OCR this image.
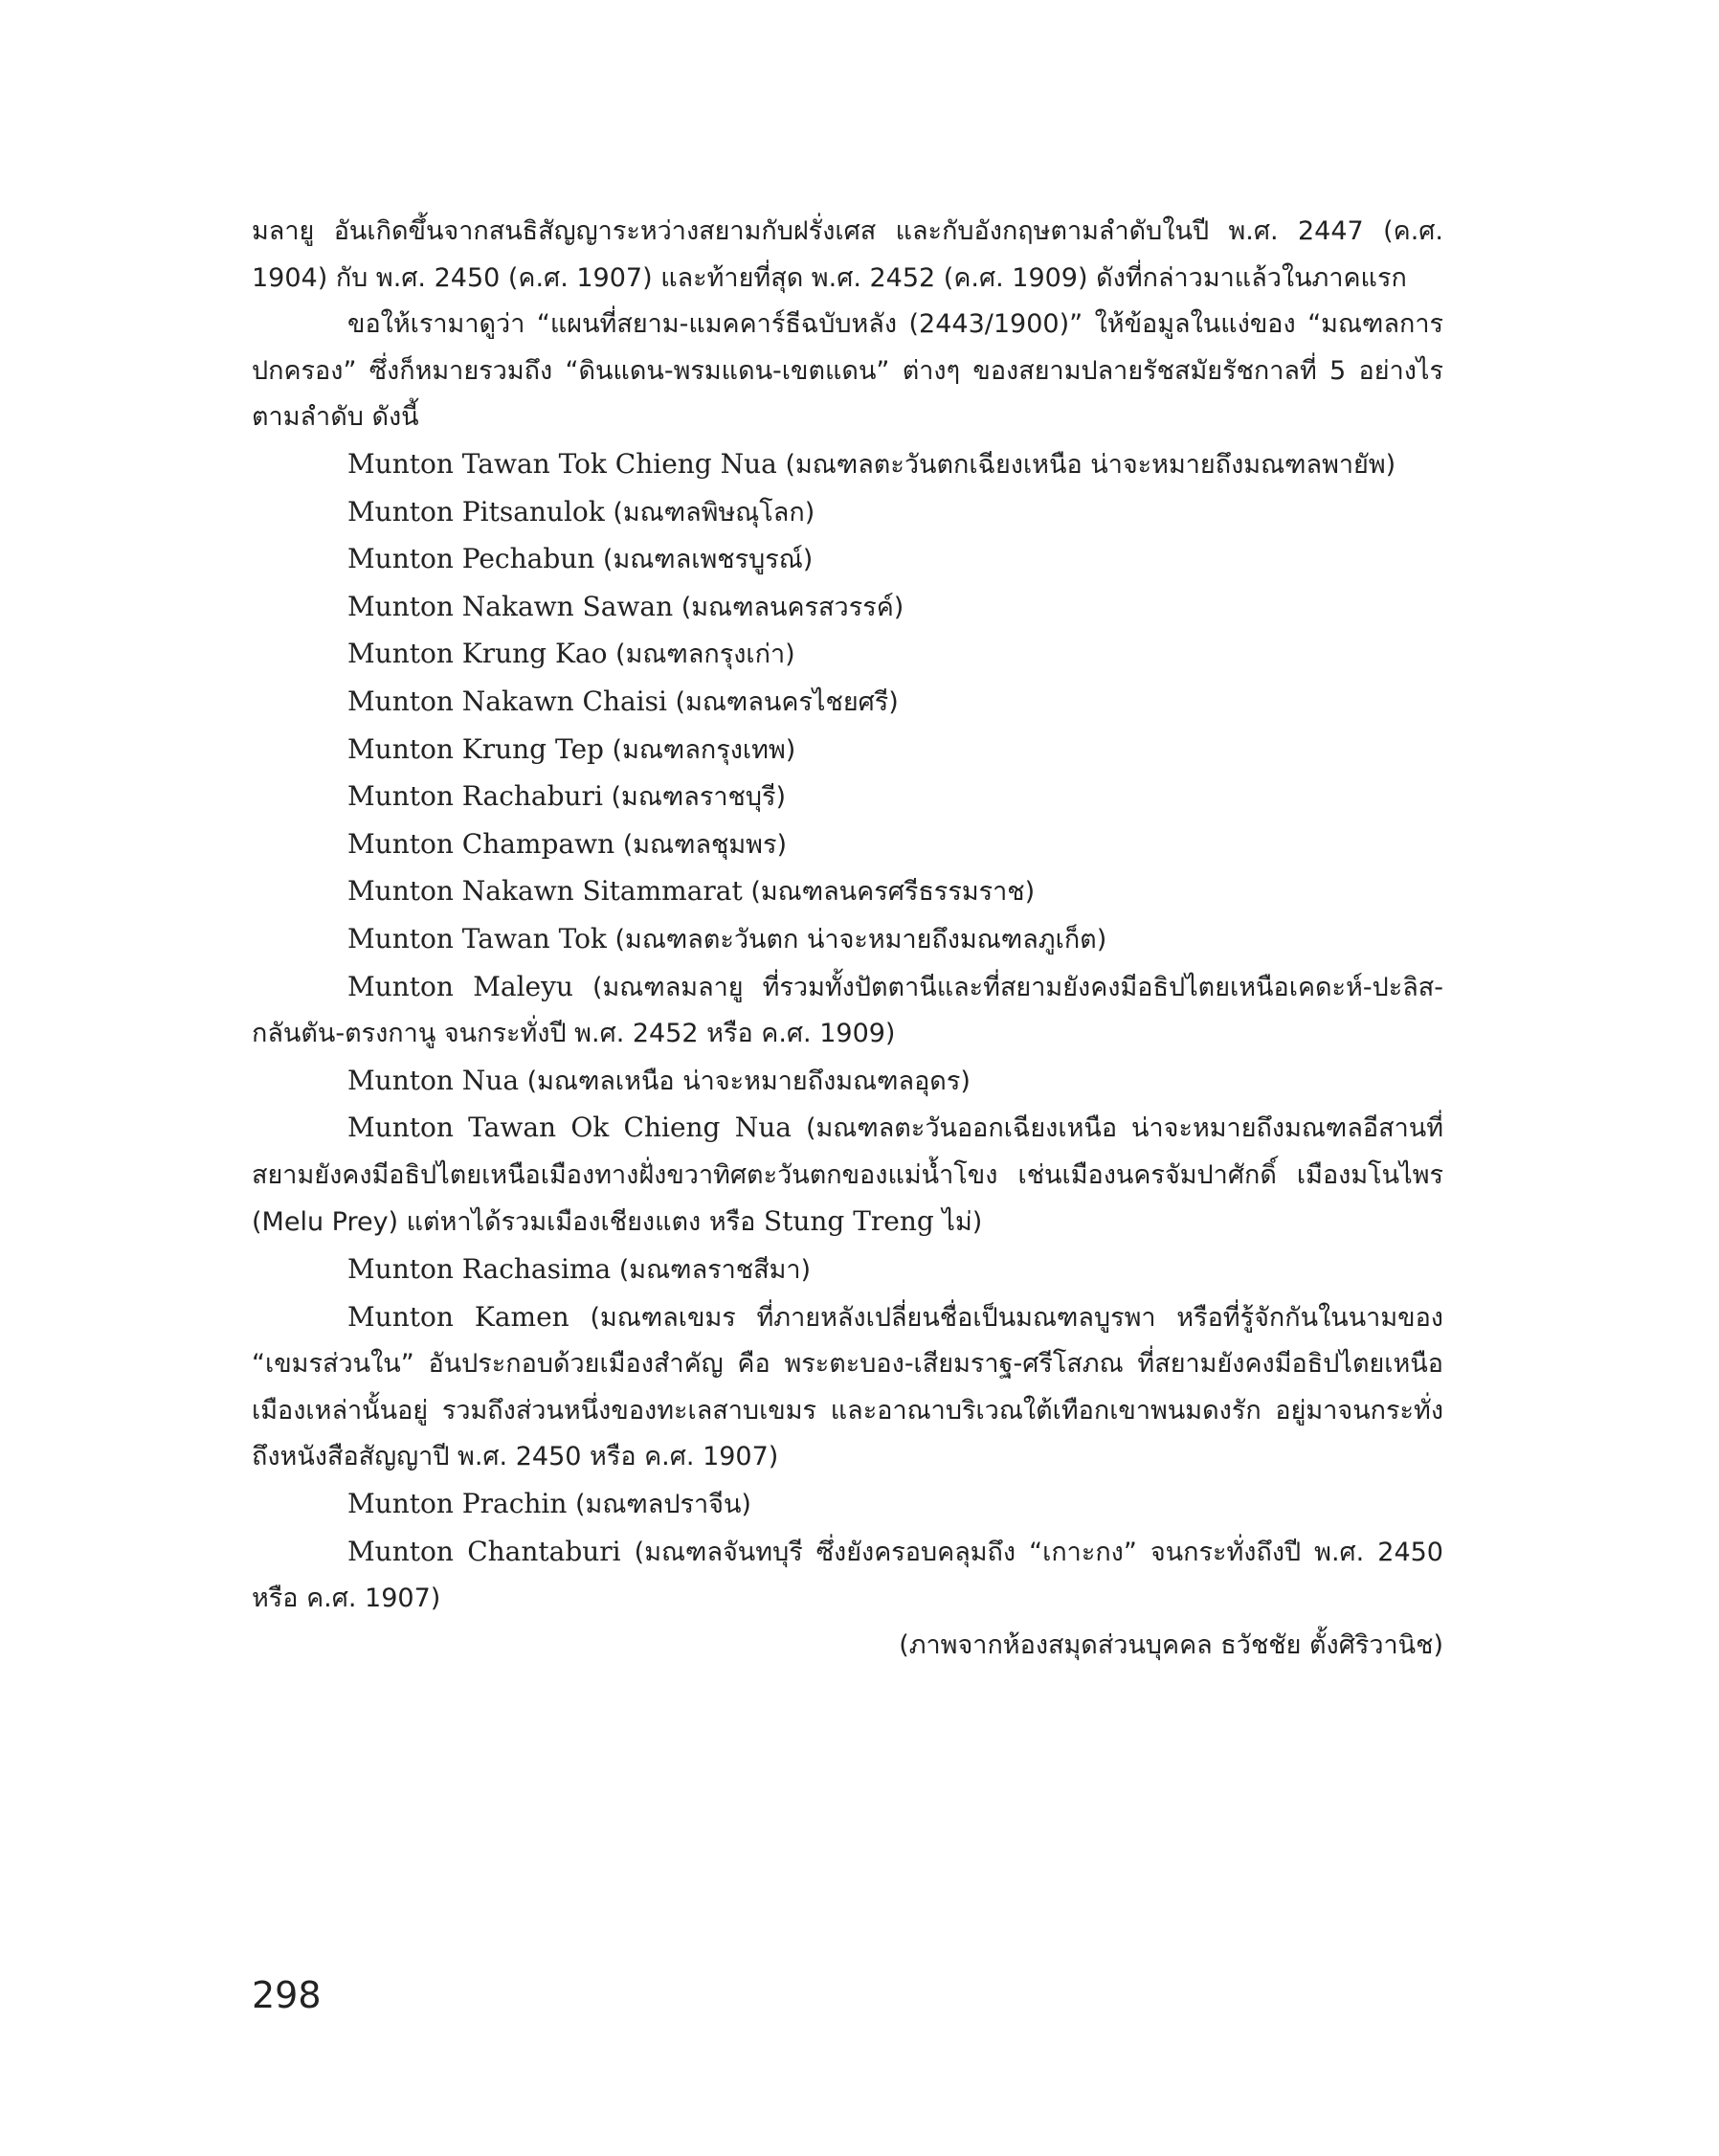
มลายู อันเกิดขึ้นจากสนธิสัญญาระหว่างสยามกับฝรั่งเศส และกับอังกฤษตามลำดับในปี พ.ศ. 2447 (ค.ศ. 1904) กับ พ.ศ. 2450 (ค.ศ. 1907) และท้ายที่สุด พ.ศ. 2452 (ค.ศ. 1909) ดังที่กล่าวมาแล้วในภาคแรก

ขอให้เรามาดูว่า “แผนที่สยาม-แมคคาร์ธีฉบับหลัง (2443/1900)” ให้ข้อมูลในแง่ของ “มณฑลการปกครอง” ซึ่งก็หมายรวมถึง “ดินแดน-พรมแดน-เขตแดน” ต่างๆ ของสยามปลายรัชสมัยรัชกาลที่ 5 อย่างไร ตามลำดับ ดังนี้

Munton Tawan Tok Chieng Nua (มณฑลตะวันตกเฉียงเหนือ น่าจะหมายถึงมณฑลพายัพ)

Munton Pitsanulok (มณฑลพิษณุโลก)

Munton Pechabun (มณฑลเพชรบูรณ์)

Munton Nakawn Sawan (มณฑลนครสวรรค์)

Munton Krung Kao (มณฑลกรุงเก่า)

Munton Nakawn Chaisi (มณฑลนครไชยศรี)

Munton Krung Tep (มณฑลกรุงเทพ)

Munton Rachaburi (มณฑลราชบุรี)

Munton Champawn (มณฑลชุมพร)

Munton Nakawn Sitammarat (มณฑลนครศรีธรรมราช)

Munton Tawan Tok (มณฑลตะวันตก น่าจะหมายถึงมณฑลภูเก็ต)

Munton Maleyu (มณฑลมลายู ที่รวมทั้งปัตตานีและที่สยามยังคงมีอธิปไตยเหนือเคดะห์-ปะลิส-กลันตัน-ตรงกานู จนกระทั่งปี พ.ศ. 2452 หรือ ค.ศ. 1909)

Munton Nua (มณฑลเหนือ น่าจะหมายถึงมณฑลอุดร)

Munton Tawan Ok Chieng Nua (มณฑลตะวันออกเฉียงเหนือ น่าจะหมายถึงมณฑลอีสานที่สยามยังคงมีอธิปไตยเหนือเมืองทางฝั่งขวาทิศตะวันตกของแม่น้ำโขง เช่นเมืองนครจัมปาศักดิ์ เมืองมโนไพร (Melu Prey) แต่หาได้รวมเมืองเชียงแตง หรือ Stung Treng ไม่)

Munton Rachasima (มณฑลราชสีมา)

Munton Kamen (มณฑลเขมร ที่ภายหลังเปลี่ยนชื่อเป็นมณฑลบูรพา หรือที่รู้จักกันในนามของ “เขมรส่วนใน” อันประกอบด้วยเมืองสำคัญ คือ พระตะบอง-เสียมราฐ-ศรีโสภณ ที่สยามยังคงมีอธิปไตยเหนือเมืองเหล่านั้นอยู่ รวมถึงส่วนหนึ่งของทะเลสาบเขมร และอาณาบริเวณใต้เทือกเขาพนมดงรัก อยู่มาจนกระทั่งถึงหนังสือสัญญาปี พ.ศ. 2450 หรือ ค.ศ. 1907)

Munton Prachin (มณฑลปราจีน)

Munton Chantaburi (มณฑลจันทบุรี ซึ่งยังครอบคลุมถึง “เกาะกง” จนกระทั่งถึงปี พ.ศ. 2450 หรือ ค.ศ. 1907)

(ภาพจากห้องสมุดส่วนบุคคล ธวัชชัย ตั้งศิริวานิช)

298
